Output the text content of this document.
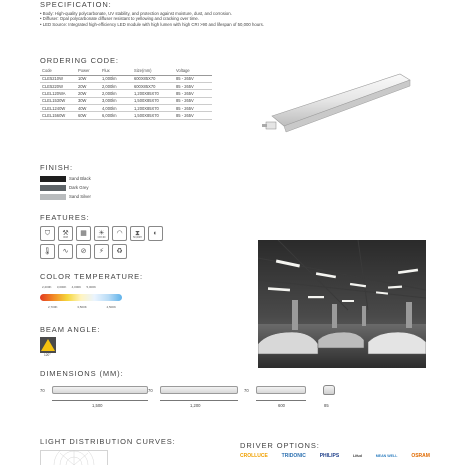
SPECIFICATION:
• Body: High-quality polycarbonate, UV stability, and protection against moisture, dust, and corrosion.
• Diffuser: Opal polycarbonate diffuser resistant to yellowing and cracking over time.
• LED Source: Integrated high-efficiency LED module with high lumen with high CRI >90 and lifespan of 50,000 hours.
ORDERING CODE:
Code	Power	Flux	Size(mm)	Voltage
CLE5210W	10W	1,000lm	600X85X70	85 - 265V
CLE5220W	20W	2,000lm	600X85X70	85 - 265V
CLEL120WA	20W	2,000lm	1,200X85X70	85 - 265V
CLEL1530W	30W	3,000lm	1,500X85X70	85 - 265V
CLEL1240W	40W	4,000lm	1,200X85X70	85 - 265V
CLEL1560W	60W	6,000lm	1,500X85X70	85 - 265V
FINISH:
Sand Black
Dark Grey
Sand Silver
FEATURES:
⛉ ⚒
IK08
▦ ☀
CRI>90
◠ ⧗
50,000H
◐
🌡 ∿ ⊘ ⚡ ♻
COLOR TEMPERATURE:
2,200K 3,000K 4,000K 5,000K
2,700K	3,500K	4,500K
BEAM ANGLE:
120°
DIMENSIONS (MM):
70
1,500
70
1,200
70
600	85
LIGHT DISTRIBUTION CURVES:	DRIVER OPTIONS:
CROLLUCE	TRIDONIC	PHILIPS	Lifud	MEAN WELL	OSRAM
